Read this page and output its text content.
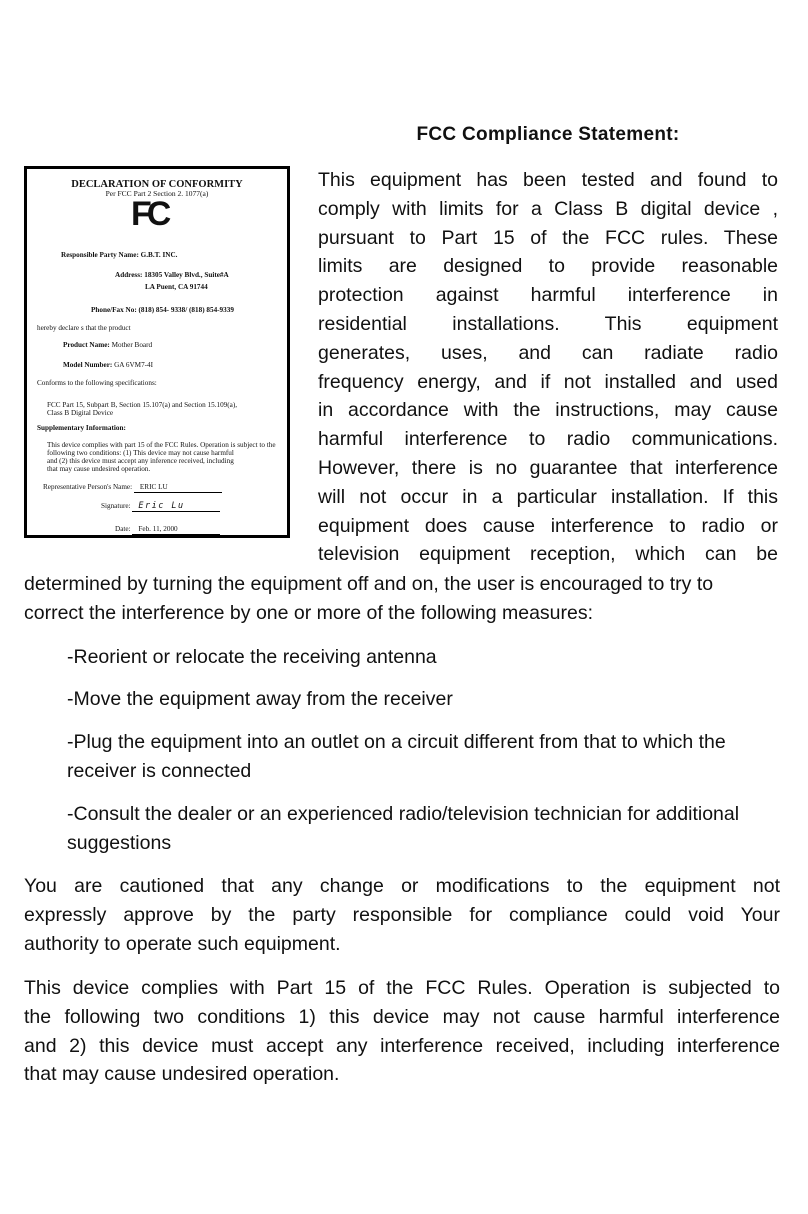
FCC Compliance Statement:
DECLARATION OF CONFORMITY
Per FCC Part 2 Section 2. 1077(a)
FC
Responsible Party Name: G.B.T. INC.
Address: 18305 Valley Blvd., Suite#A
LA Puent, CA 91744
Phone/Fax No: (818) 854- 9338/ (818) 854-9339
hereby declare s that the product
Product Name: Mother Board
Model Number: GA 6VM7-4I
Conforms to the following specifications:
FCC Part 15, Subpart B, Section 15.107(a) and Section 15.109(a),
Class B Digital Device
Supplementary Information:
This device complies with part 15 of the FCC Rules. Operation is subject to the
following two conditions: (1) This device may not cause harmful
and (2) this device must accept any inference received, including
that may cause undesired operation.
Representative Person's Name: ERIC LU
Signature: Eric Lu
Date: Feb. 11, 2000
This equipment has been tested and found to
comply with limits for a Class B digital device ,
pursuant to Part 15 of the FCC rules. These
limits are designed to provide reasonable
protection against harmful interference in
residential installations. This equipment
generates, uses, and can radiate radio
frequency energy, and if not installed and used
in accordance with the instructions, may cause
harmful interference to radio communications.
However, there is no guarantee that interference
will not occur in a particular installation. If this
equipment does cause interference to radio or
television equipment reception, which can be
determined by turning the equipment off and on, the user is encouraged to try to
correct the interference by one or more of the following measures:
-Reorient or relocate the receiving antenna
-Move the equipment away from the receiver
-Plug the equipment into an outlet on a circuit different from that to which the receiver is connected
-Consult the dealer or an experienced radio/television technician for additional suggestions
You are cautioned that any change or modifications to the equipment not
expressly approve by the party responsible for compliance could void Your
authority to operate such equipment.
This device complies with Part 15 of the FCC Rules. Operation is subjected to
the following two conditions 1) this device may not cause harmful interference
and 2) this device must accept any interference received, including interference
that may cause undesired operation.
